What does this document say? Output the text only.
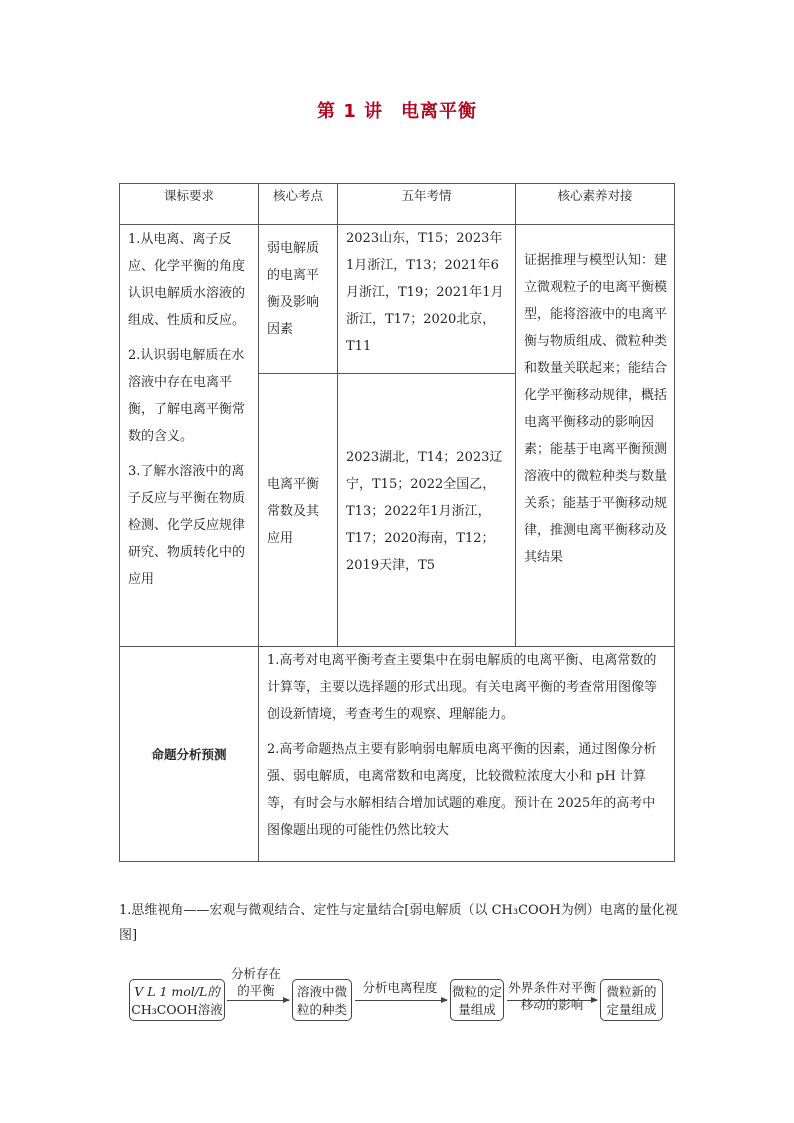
第 1 讲 电离平衡
课标要求	核心考点	五年考情	核心素养对接

1.从电离、离子反应、化学平衡的角度认识电解质水溶液的组成、性质和反应。

2.认识弱电解质在水溶液中存在电离平衡，了解电离平衡常数的含义。

3.了解水溶液中的离子反应与平衡在物质检测、化学反应规律研究、物质转化中的应用	弱电解质的电离平衡及影响因素	2023山东，T15；2023年1月浙江，T13；2021年6月浙江，T19；2021年1月浙江，T17；2020北京，T11	证据推理与模型认知：建立微观粒子的电离平衡模型，能将溶液中的电离平衡与物质组成、微粒种类和数量关联起来；能结合化学平衡移动规律，概括电离平衡移动的影响因素；能基于电离平衡预测溶液中的微粒种类与数量关系；能基于平衡移动规律，推测电离平衡移动及其结果

	电离平衡常数及其应用	2023湖北，T14；2023辽宁，T15；2022全国乙，T13；2022年1月浙江，T17；2020海南，T12；2019天津，T5	

命题分析预测	1.高考对电离平衡考查主要集中在弱电解质的电离平衡、电离常数的计算等，主要以选择题的形式出现。有关电离平衡的考查常用图像等创设新情境，考查考生的观察、理解能力。

2.高考命题热点主要有影响弱电解质电离平衡的因素，通过图像分析强、弱电解质，电离常数和电离度，比较微粒浓度大小和 pH 计算等，有时会与水解相结合增加试题的难度。预计在 2025年的高考中图像题出现的可能性仍然比较大		

1.思维视角——宏观与微观结合、定性与定量结合[弱电解质（以 CH₃COOH为例）电离的量化视图]
V L 1 mol/L的
CH₃COOH溶液
分析存在的平衡	溶液中微粒的种类
分析电离程度	微粒的定量组成
外界条件对平衡移动的影响
微粒新的定量组成
